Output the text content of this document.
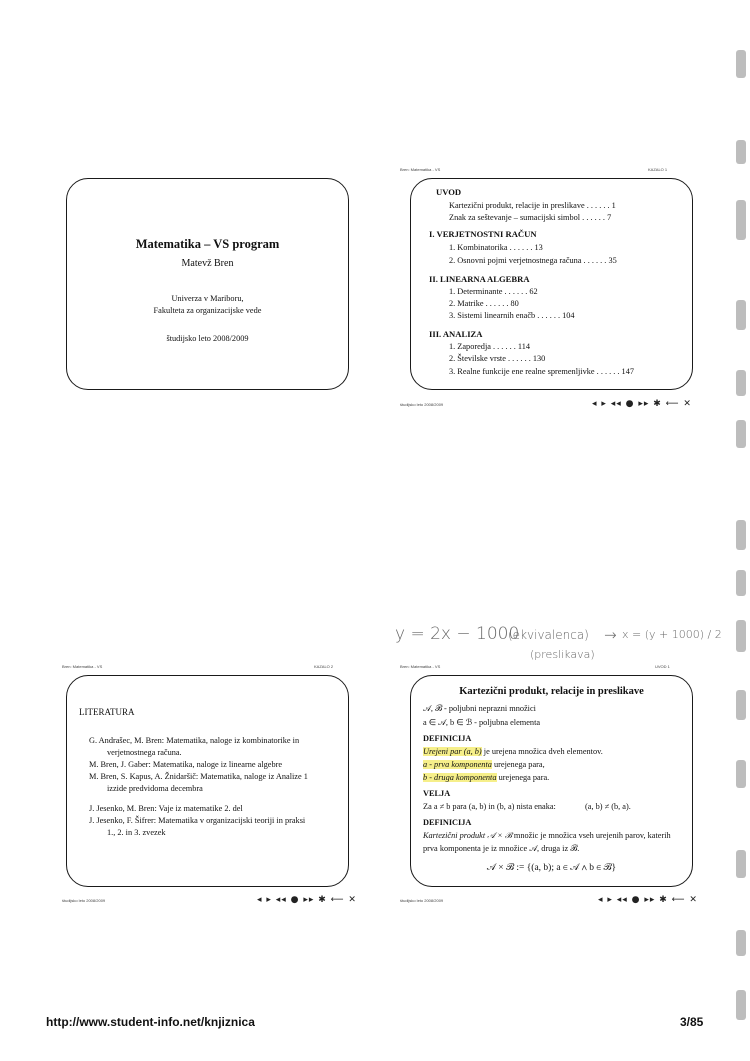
Matematika – VS program
Matevž Bren
Univerza v Mariboru,
Fakulteta za organizacijske vede
študijsko leto 2008/2009
Bren: Matematika - VS	KAZALO 1
UVOD
Kartezični produkt, relacije in preslikave . . . . . . 1
Znak za seštevanje – sumacijski simbol . . . . . . 7
I. VERJETNOSTNI RAČUN
1. Kombinatorika . . . . . . 13
2. Osnovni pojmi verjetnostnega računa . . . . . . 35
II. LINEARNA ALGEBRA
1. Determinante . . . . . . 62
2. Matrike . . . . . . 80
3. Sistemi linearnih enačb . . . . . . 104
III. ANALIZA
1. Zaporedja . . . . . . 114
2. Številske vrste . . . . . . 130
3. Realne funkcije ene realne spremenljivke . . . . . . 147
študijsko leto 2008/2009	◂ ▸ ◂◂ ● ▸▸ ✱ ⟵ ✕
y = 2x − 1000
(ekvivalenca) → x = (y + 1000) / 2
(preslikava)
Bren: Matematika - VS	KAZALO 2
LITERATURA
G. Andrašec, M. Bren: Matematika, naloge iz kombinatorike in
verjetnostnega računa.
M. Bren, J. Gaber: Matematika, naloge iz linearne algebre
M. Bren, S. Kapus, A. Žnidaršič: Matematika, naloge iz Analize 1
izzide predvidoma decembra
J. Jesenko, M. Bren: Vaje iz matematike 2. del
J. Jesenko, F. Šifrer: Matematika v organizacijski teoriji in praksi
1., 2. in 3. zvezek
študijsko leto 2008/2009	◂ ▸ ◂◂ ● ▸▸ ✱ ⟵ ✕
Bren: Matematika - VS	UVOD 1
Kartezični produkt, relacije in preslikave
𝒜, ℬ - poljubni neprazni množici
a ∈ 𝒜, b ∈ ℬ - poljubna elementa
DEFINICIJA
Urejeni par (a, b) je urejena množica dveh elementov.
a - prva komponenta urejenega para,
b - druga komponenta urejenega para.
VELJA
Za a ≠ b para (a, b) in (b, a) nista enaka:	(a, b) ≠ (b, a).
DEFINICIJA
Kartezični produkt 𝒜 × ℬ množic je množica vseh urejenih parov, katerih
prva komponenta je iz množice 𝒜, druga iz ℬ.
𝒜 × ℬ := {(a, b); a ∈ 𝒜 ∧ b ∈ ℬ}
študijsko leto 2008/2009	◂ ▸ ◂◂ ● ▸▸ ✱ ⟵ ✕
http://www.student-info.net/knjiznica	3/85
